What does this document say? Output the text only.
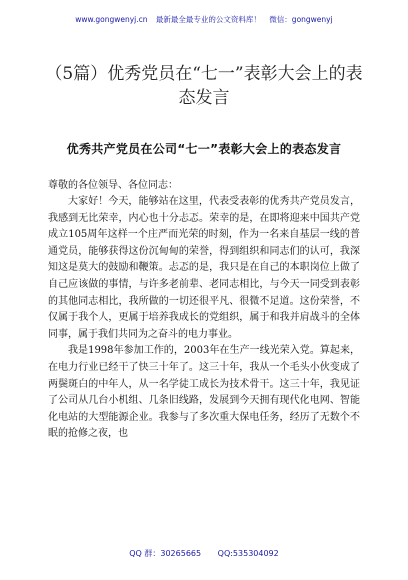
www.gongwenyj.cn 最新最全最专业的公文资料库！ 微信：gongwenyj
（5篇）优秀党员在“七一”表彰大会上的表态发言
优秀共产党员在公司“七一”表彰大会上的表态发言
尊敬的各位领导、各位同志：

大家好！今天，能够站在这里，代表受表彰的优秀共产党员发言，我感到无比荣幸，内心也十分忐忑。荣幸的是，在即将迎来中国共产党成立105周年这样一个庄严而光荣的时刻，作为一名来自基层一线的普通党员，能够获得这份沉甸甸的荣誉，得到组织和同志们的认可，我深知这是莫大的鼓励和鞭策。忐忑的是，我只是在自己的本职岗位上做了自己应该做的事情，与许多老前辈、老同志相比，与今天一同受到表彰的其他同志相比，我所做的一切还很平凡、很微不足道。这份荣誉，不仅属于我个人，更属于培养我成长的党组织，属于和我并肩战斗的全体同事，属于我们共同为之奋斗的电力事业。

我是1998年参加工作的，2003年在生产一线光荣入党。算起来，在电力行业已经干了快三十年了。这三十年，我从一个毛头小伙变成了两鬓斑白的中年人，从一名学徒工成长为技术骨干。这三十年，我见证了公司从几台小机组、几条旧线路，发展到今天拥有现代化电网、智能化电站的大型能源企业。我参与了多次重大保电任务，经历了无数个不眠的抢修之夜，也

QQ 群：30265665 QQ:535304092
